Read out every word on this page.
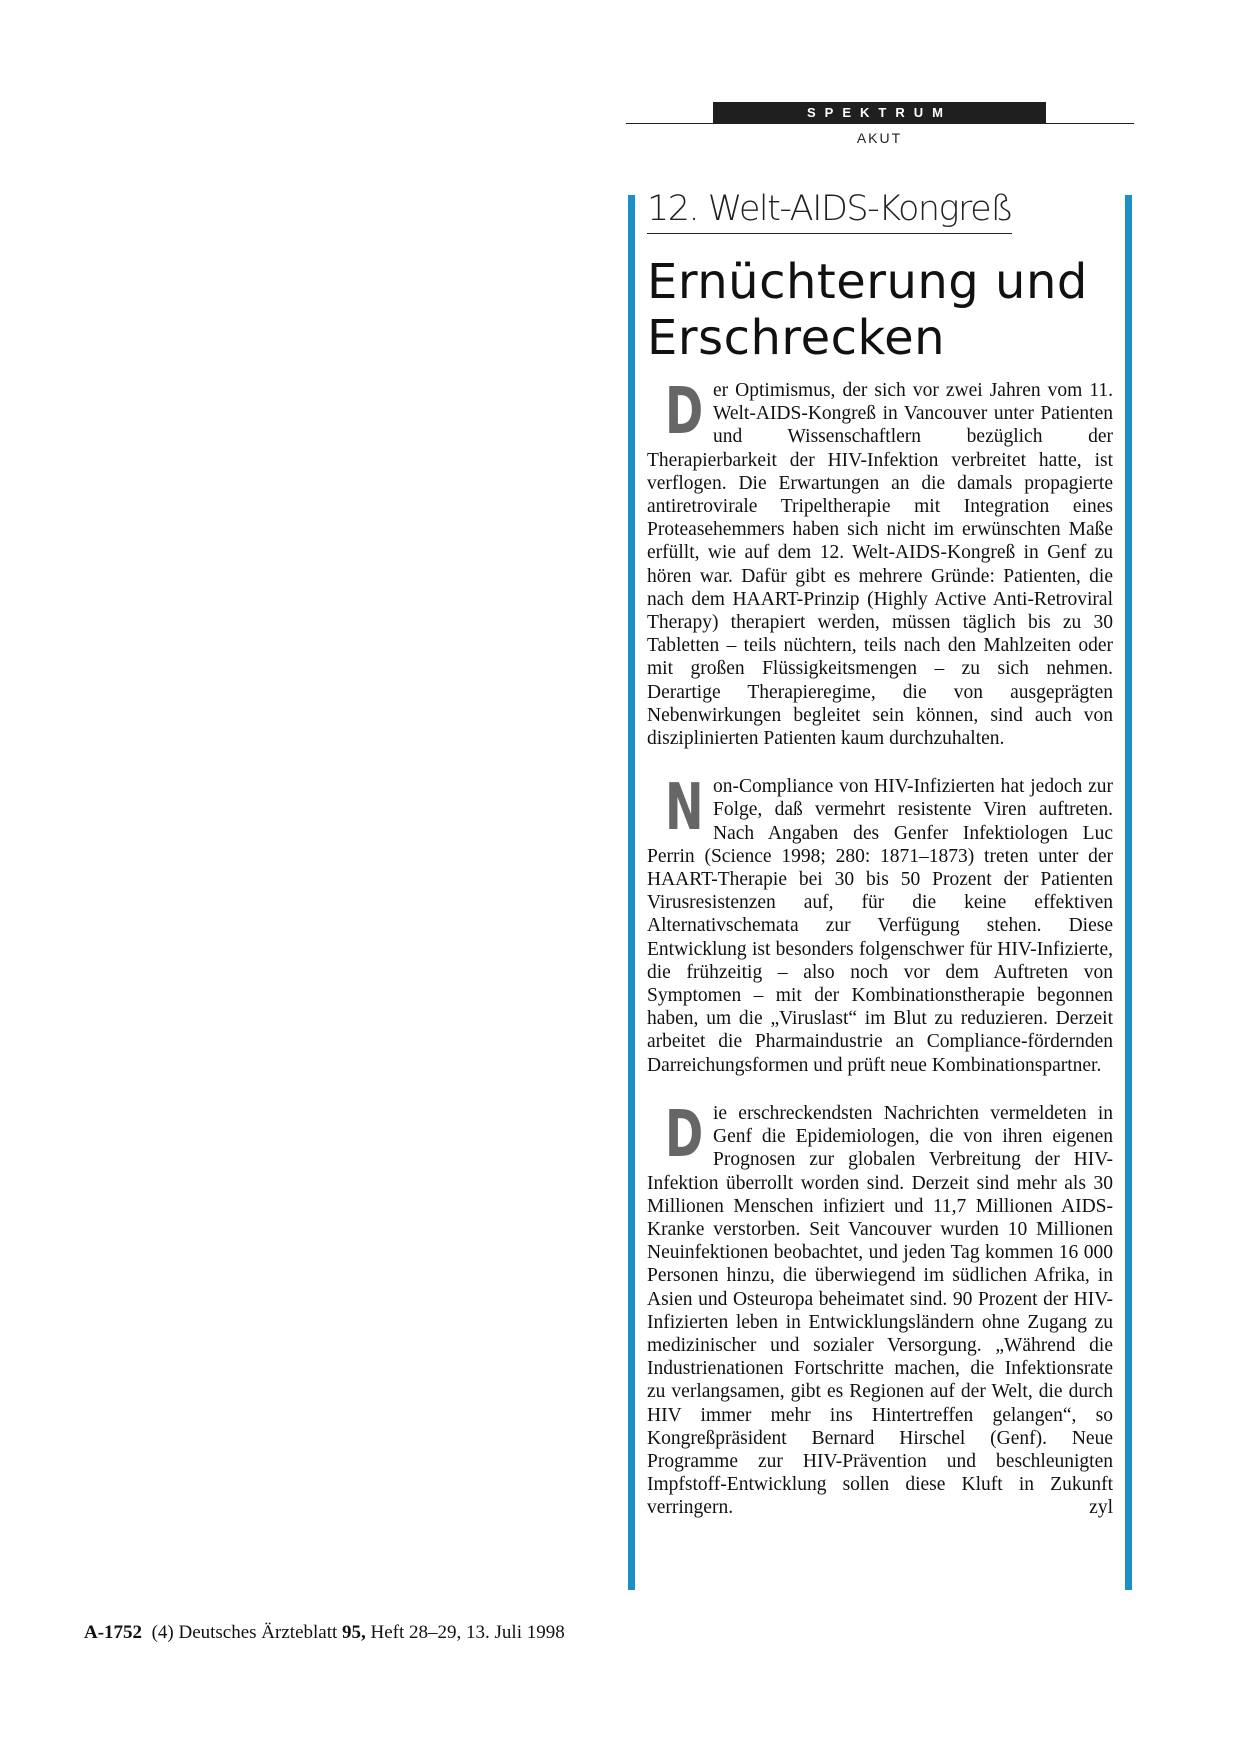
SPEKTRUM
AKUT
12. Welt-AIDS-Kongreß
Ernüchterung und Erschrecken

Der Optimismus, der sich vor zwei Jahren vom 11. Welt-AIDS-Kongreß in Vancouver unter Patienten und Wissenschaftlern bezüglich der Therapierbarkeit der HIV-Infektion verbreitet hatte, ist verflogen. Die Erwartungen an die damals propagierte antiretrovirale Tripeltherapie mit Integration eines Proteasehemmers haben sich nicht im erwünschten Maße erfüllt, wie auf dem 12. Welt-AIDS-Kongreß in Genf zu hören war. Dafür gibt es mehrere Gründe: Patienten, die nach dem HAART-Prinzip (Highly Active Anti-Retroviral Therapy) therapiert werden, müssen täglich bis zu 30 Tabletten – teils nüchtern, teils nach den Mahlzeiten oder mit großen Flüssigkeitsmengen – zu sich nehmen. Derartige Therapieregime, die von ausgeprägten Nebenwirkungen begleitet sein können, sind auch von disziplinierten Patienten kaum durchzuhalten.

Non-Compliance von HIV-Infizierten hat jedoch zur Folge, daß vermehrt resistente Viren auftreten. Nach Angaben des Genfer Infektiologen Luc Perrin (Science 1998; 280: 1871–1873) treten unter der HAART-Therapie bei 30 bis 50 Prozent der Patienten Virusresistenzen auf, für die keine effektiven Alternativschemata zur Verfügung stehen. Diese Entwicklung ist besonders folgenschwer für HIV-Infizierte, die frühzeitig – also noch vor dem Auftreten von Symptomen – mit der Kombinationstherapie begonnen haben, um die „Viruslast“ im Blut zu reduzieren. Derzeit arbeitet die Pharmaindustrie an Compliance-fördernden Darreichungsformen und prüft neue Kombinationspartner.

Die erschreckendsten Nachrichten vermeldeten in Genf die Epidemiologen, die von ihren eigenen Prognosen zur globalen Verbreitung der HIV-Infektion überrollt worden sind. Derzeit sind mehr als 30 Millionen Menschen infiziert und 11,7 Millionen AIDS-Kranke verstorben. Seit Vancouver wurden 10 Millionen Neuinfektionen beobachtet, und jeden Tag kommen 16 000 Personen hinzu, die überwiegend im südlichen Afrika, in Asien und Osteuropa beheimatet sind. 90 Prozent der HIV-Infizierten leben in Entwicklungsländern ohne Zugang zu medizinischer und sozialer Versorgung. „Während die Industrienationen Fortschritte machen, die Infektionsrate zu verlangsamen, gibt es Regionen auf der Welt, die durch HIV immer mehr ins Hintertreffen gelangen“, so Kongreßpräsident Bernard Hirschel (Genf). Neue Programme zur HIV-Prävention und beschleunigten Impfstoff-Entwicklung sollen diese Kluft in Zukunft verringern.	zyl

A-1752 (4) Deutsches Ärzteblatt 95, Heft 28–29, 13. Juli 1998
